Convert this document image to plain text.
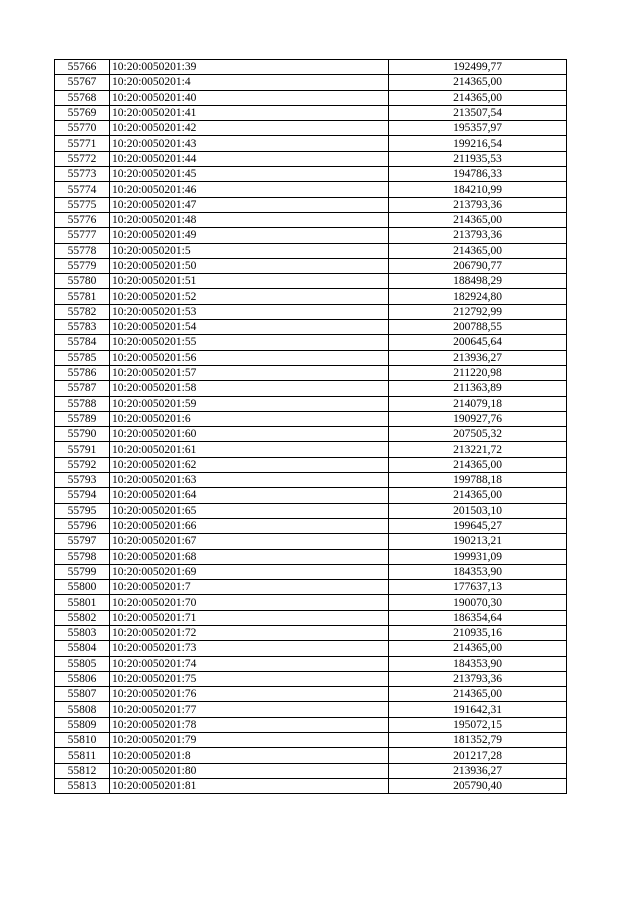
55766	10:20:0050201:39	192499,77
55767	10:20:0050201:4	214365,00
55768	10:20:0050201:40	214365,00
55769	10:20:0050201:41	213507,54
55770	10:20:0050201:42	195357,97
55771	10:20:0050201:43	199216,54
55772	10:20:0050201:44	211935,53
55773	10:20:0050201:45	194786,33
55774	10:20:0050201:46	184210,99
55775	10:20:0050201:47	213793,36
55776	10:20:0050201:48	214365,00
55777	10:20:0050201:49	213793,36
55778	10:20:0050201:5	214365,00
55779	10:20:0050201:50	206790,77
55780	10:20:0050201:51	188498,29
55781	10:20:0050201:52	182924,80
55782	10:20:0050201:53	212792,99
55783	10:20:0050201:54	200788,55
55784	10:20:0050201:55	200645,64
55785	10:20:0050201:56	213936,27
55786	10:20:0050201:57	211220,98
55787	10:20:0050201:58	211363,89
55788	10:20:0050201:59	214079,18
55789	10:20:0050201:6	190927,76
55790	10:20:0050201:60	207505,32
55791	10:20:0050201:61	213221,72
55792	10:20:0050201:62	214365,00
55793	10:20:0050201:63	199788,18
55794	10:20:0050201:64	214365,00
55795	10:20:0050201:65	201503,10
55796	10:20:0050201:66	199645,27
55797	10:20:0050201:67	190213,21
55798	10:20:0050201:68	199931,09
55799	10:20:0050201:69	184353,90
55800	10:20:0050201:7	177637,13
55801	10:20:0050201:70	190070,30
55802	10:20:0050201:71	186354,64
55803	10:20:0050201:72	210935,16
55804	10:20:0050201:73	214365,00
55805	10:20:0050201:74	184353,90
55806	10:20:0050201:75	213793,36
55807	10:20:0050201:76	214365,00
55808	10:20:0050201:77	191642,31
55809	10:20:0050201:78	195072,15
55810	10:20:0050201:79	181352,79
55811	10:20:0050201:8	201217,28
55812	10:20:0050201:80	213936,27
55813	10:20:0050201:81	205790,40
